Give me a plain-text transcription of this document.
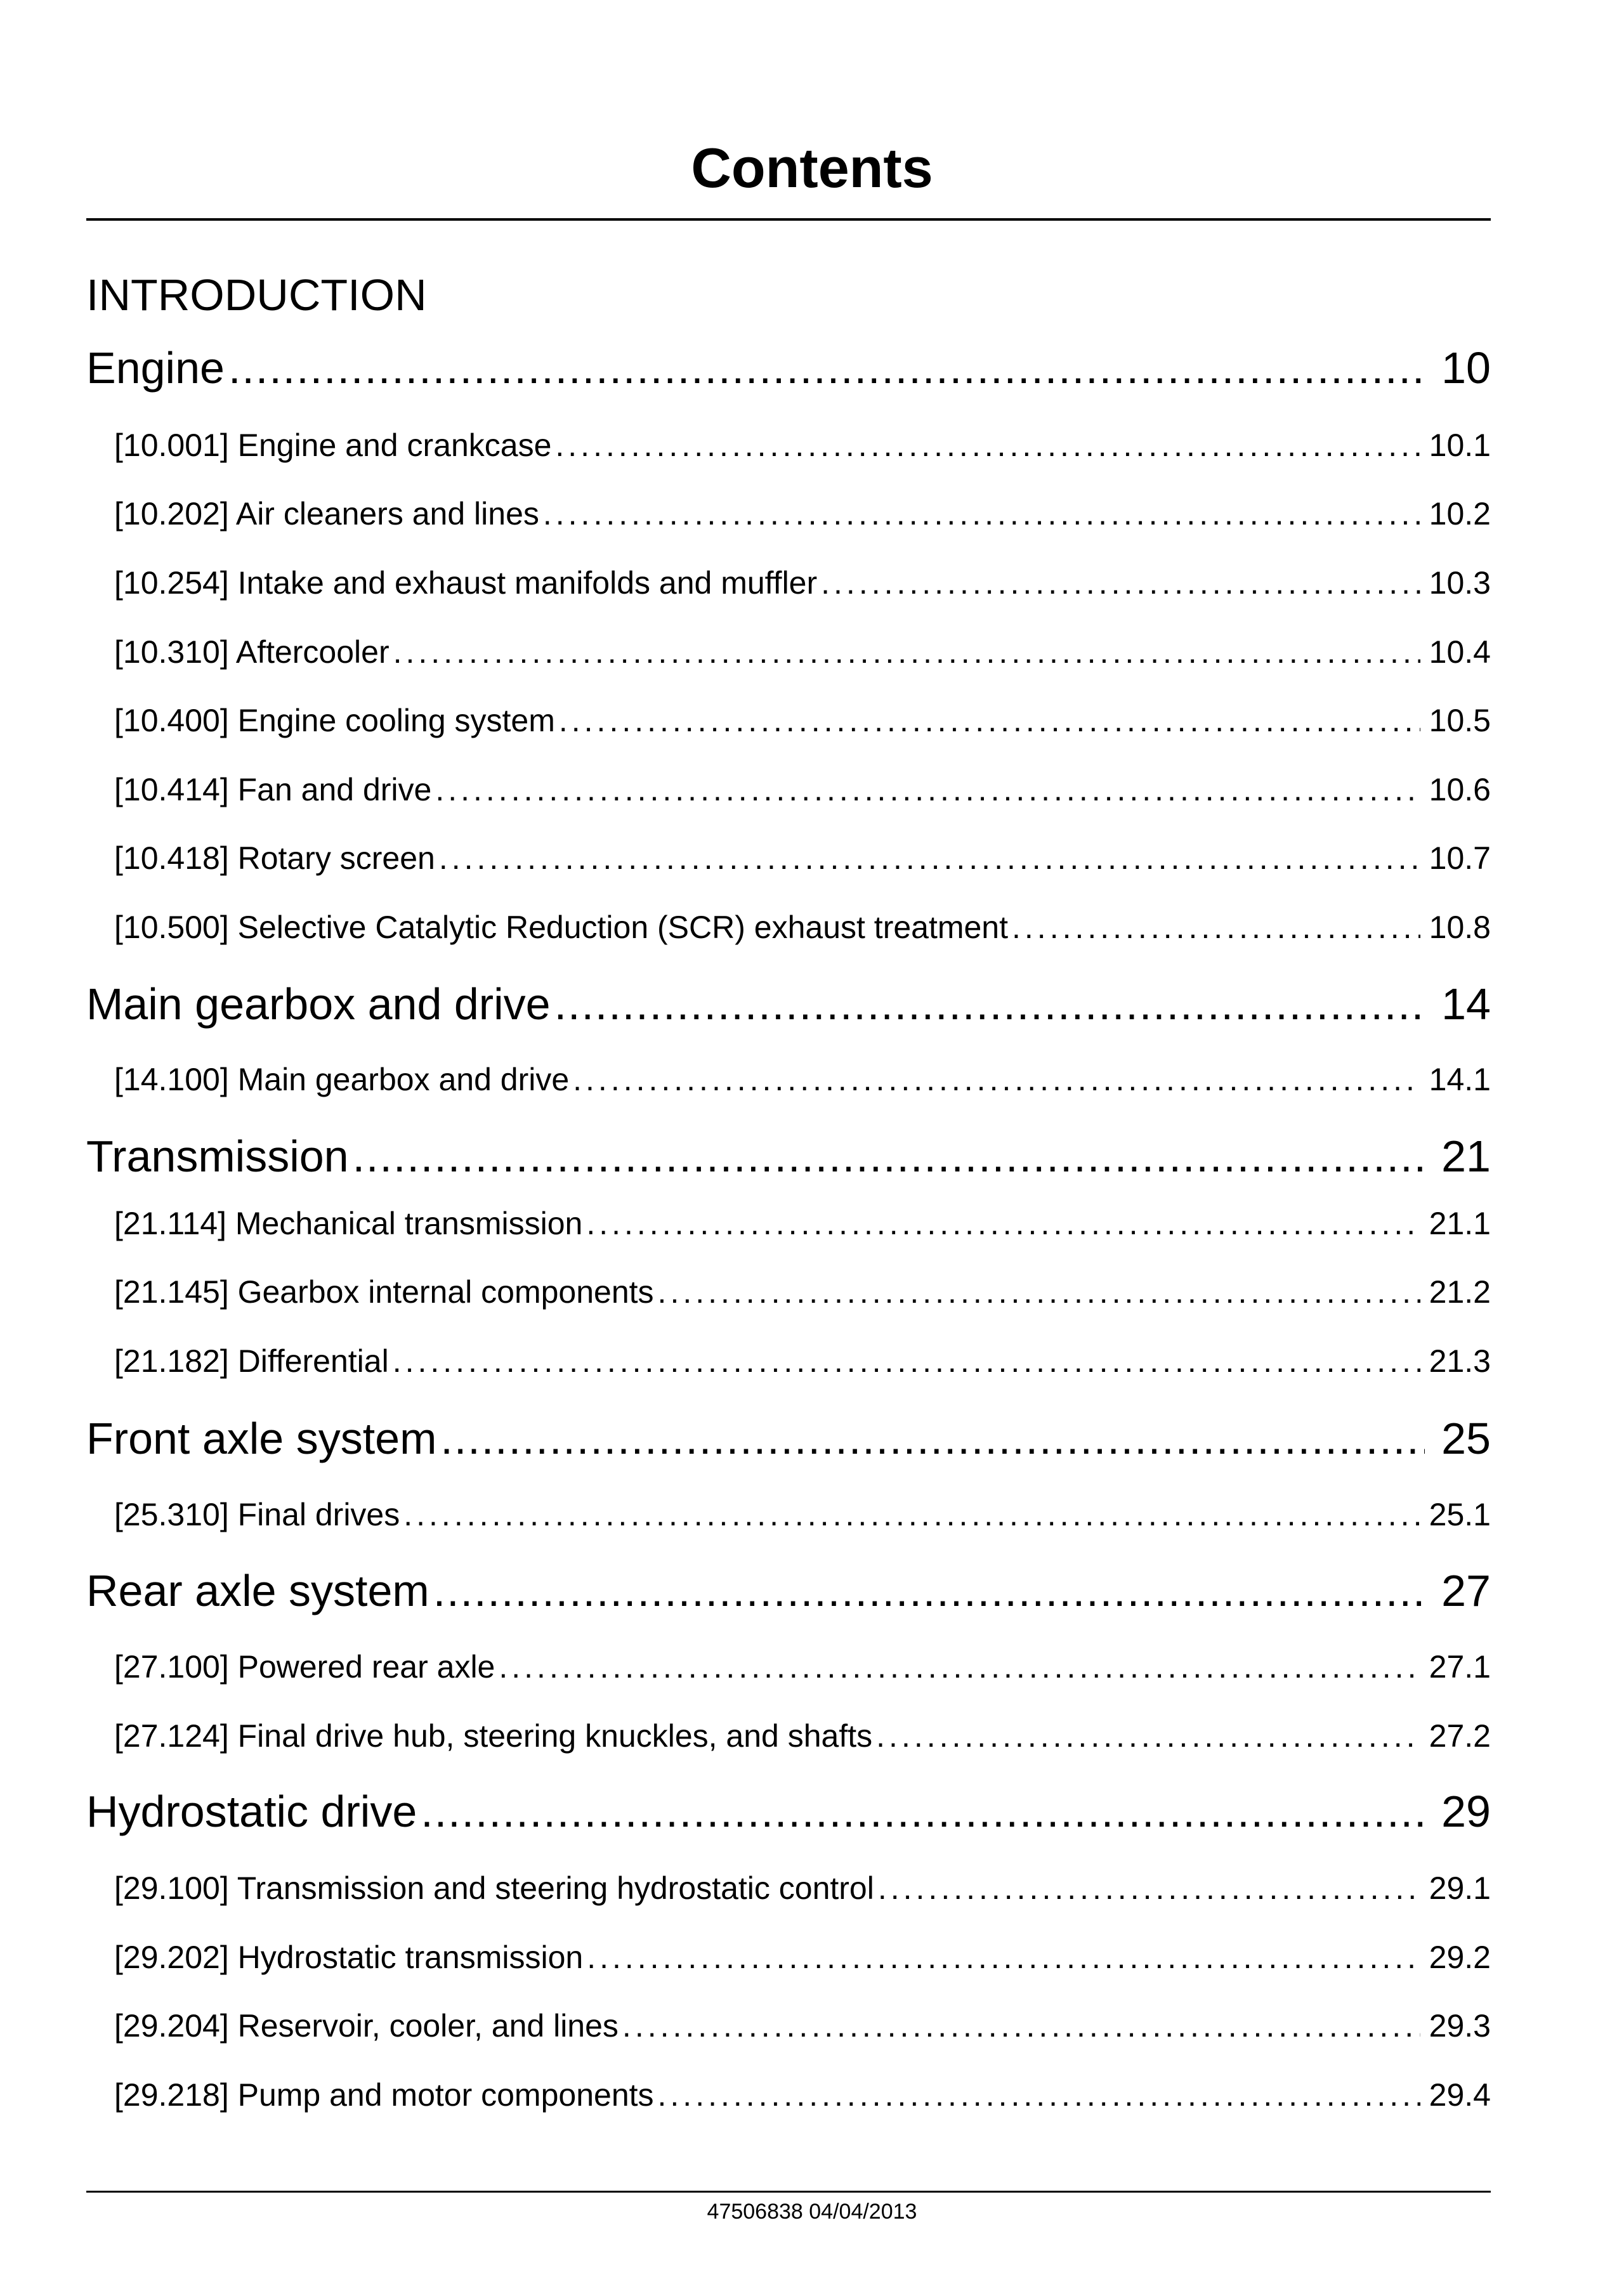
Contents
INTRODUCTION
Engine .....	10
[10.001] Engine and crankcase .....	10.1
[10.202] Air cleaners and lines .....	10.2
[10.254] Intake and exhaust manifolds and muffler .....	10.3
[10.310] Aftercooler .....	10.4
[10.400] Engine cooling system .....	10.5
[10.414] Fan and drive .....	10.6
[10.418] Rotary screen .....	10.7
[10.500] Selective Catalytic Reduction (SCR) exhaust treatment .....	10.8
Main gearbox and drive .....	14
[14.100] Main gearbox and drive .....	14.1
Transmission .....	21
[21.114] Mechanical transmission .....	21.1
[21.145] Gearbox internal components .....	21.2
[21.182] Differential .....	21.3
Front axle system .....	25
[25.310] Final drives .....	25.1
Rear axle system .....	27
[27.100] Powered rear axle .....	27.1
[27.124] Final drive hub, steering knuckles, and shafts .....	27.2
Hydrostatic drive .....	29
[29.100] Transmission and steering hydrostatic control .....	29.1
[29.202] Hydrostatic transmission .....	29.2
[29.204] Reservoir, cooler, and lines .....	29.3
[29.218] Pump and motor components .....	29.4
47506838 04/04/2013
